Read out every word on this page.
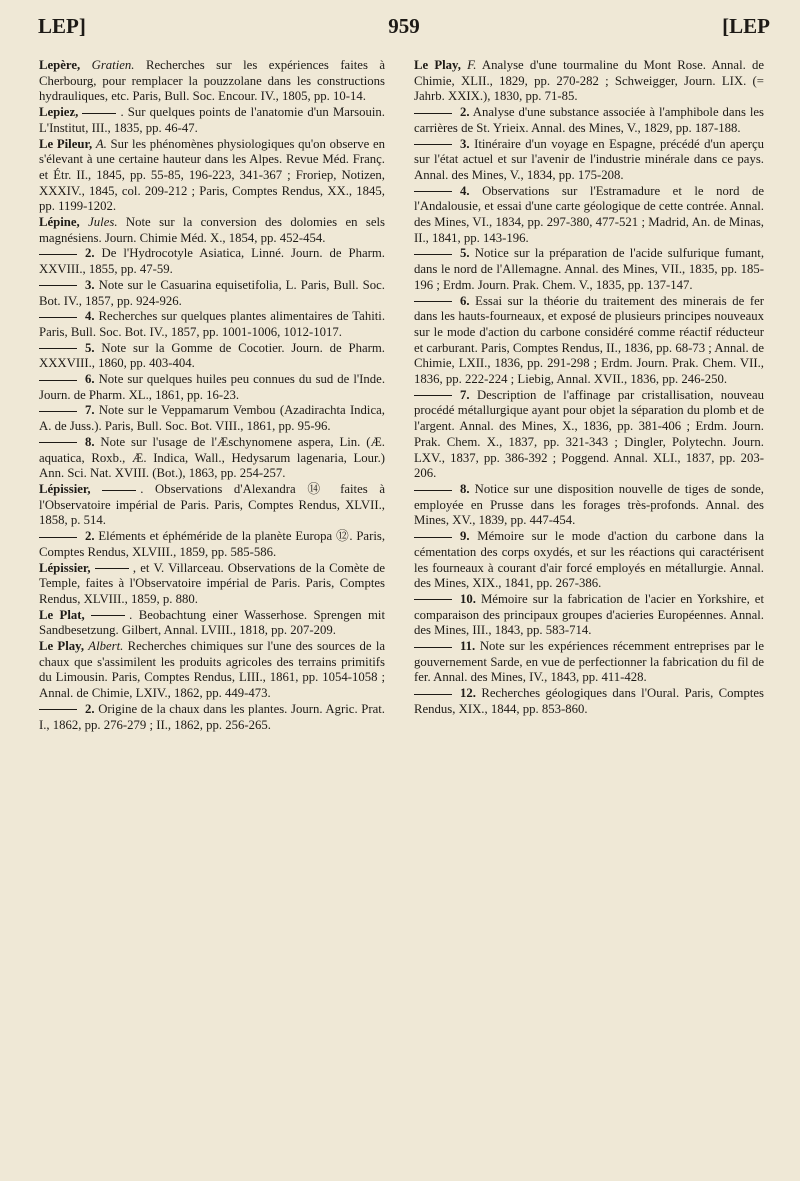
LEP]	959	[LEP
Lepère, Gratien. Recherches sur les expériences faites à Cherbourg, pour remplacer la pouzzolane dans les constructions hydrauliques, etc. Paris, Bull. Soc. Encour. IV., 1805, pp. 10-14.
Lepiez,	. Sur quelques points de l'anatomie d'un Marsouin. L'Institut, III., 1835, pp. 46-47.
Le Pileur, A. Sur les phénomènes physiologiques qu'on observe en s'élevant à une certaine hauteur dans les Alpes. Revue Méd. Franç. et Étr. II., 1845, pp. 55-85, 196-223, 341-367 ; Froriep, Notizen, XXXIV., 1845, col. 209-212 ; Paris, Comptes Rendus, XX., 1845, pp. 1199-1202.
Lépine, Jules. Note sur la conversion des dolomies en sels magnésiens. Journ. Chimie Méd. X., 1854, pp. 452-454.
2. De l'Hydrocotyle Asiatica, Linné. Journ. de Pharm. XXVIII., 1855, pp. 47-59.
3. Note sur le Casuarina equisetifolia, L. Paris, Bull. Soc. Bot. IV., 1857, pp. 924-926.
4. Recherches sur quelques plantes alimentaires de Tahiti. Paris, Bull. Soc. Bot. IV., 1857, pp. 1001-1006, 1012-1017.
5. Note sur la Gomme de Cocotier. Journ. de Pharm. XXXVIII., 1860, pp. 403-404.
6. Note sur quelques huiles peu connues du sud de l'Inde. Journ. de Pharm. XL., 1861, pp. 16-23.
7. Note sur le Veppamarum Vembou (Azadirachta Indica, A. de Juss.). Paris, Bull. Soc. Bot. VIII., 1861, pp. 95-96.
8. Note sur l'usage de l'Æschynomene aspera, Lin. (Æ. aquatica, Roxb., Æ. Indica, Wall., Hedysarum lagenaria, Lour.) Ann. Sci. Nat. XVIII. (Bot.), 1863, pp. 254-257.
Lépissier,	. Observations d'Alexandra ⑭ faites à l'Observatoire impérial de Paris. Paris, Comptes Rendus, XLVII., 1858, p. 514.
2. Eléments et éphéméride de la planète Europa ⑫. Paris, Comptes Rendus, XLVIII., 1859, pp. 585-586.
Lépissier,	, et V. Villarceau. Observations de la Comète de Temple, faites à l'Observatoire impérial de Paris. Paris, Comptes Rendus, XLVIII., 1859, p. 880.
Le Plat,	. Beobachtung einer Wasserhose. Sprengen mit Sandbesetzung. Gilbert, Annal. LVIII., 1818, pp. 207-209.
Le Play, Albert. Recherches chimiques sur l'une des sources de la chaux que s'assimilent les produits agricoles des terrains primitifs du Limousin. Paris, Comptes Rendus, LIII., 1861, pp. 1054-1058 ; Annal. de Chimie, LXIV., 1862, pp. 449-473.
2. Origine de la chaux dans les plantes. Journ. Agric. Prat. I., 1862, pp. 276-279 ; II., 1862, pp. 256-265.
Le Play, F. Analyse d'une tourmaline du Mont Rose. Annal. de Chimie, XLII., 1829, pp. 270-282 ; Schweigger, Journ. LIX. (= Jahrb. XXIX.), 1830, pp. 71-85.
2. Analyse d'une substance associée à l'amphibole dans les carrières de St. Yrieix. Annal. des Mines, V., 1829, pp. 187-188.
3. Itinéraire d'un voyage en Espagne, précédé d'un aperçu sur l'état actuel et sur l'avenir de l'industrie minérale dans ce pays. Annal. des Mines, V., 1834, pp. 175-208.
4. Observations sur l'Estramadure et le nord de l'Andalousie, et essai d'une carte géologique de cette contrée. Annal. des Mines, VI., 1834, pp. 297-380, 477-521 ; Madrid, An. de Minas, II., 1841, pp. 143-196.
5. Notice sur la préparation de l'acide sulfurique fumant, dans le nord de l'Allemagne. Annal. des Mines, VII., 1835, pp. 185-196 ; Erdm. Journ. Prak. Chem. V., 1835, pp. 137-147.
6. Essai sur la théorie du traitement des minerais de fer dans les hauts-fourneaux, et exposé de plusieurs principes nouveaux sur le mode d'action du carbone considéré comme réactif réducteur et carburant. Paris, Comptes Rendus, II., 1836, pp. 68-73 ; Annal. de Chimie, LXII., 1836, pp. 291-298 ; Erdm. Journ. Prak. Chem. VII., 1836, pp. 222-224 ; Liebig, Annal. XVII., 1836, pp. 246-250.
7. Description de l'affinage par cristallisation, nouveau procédé métallurgique ayant pour objet la séparation du plomb et de l'argent. Annal. des Mines, X., 1836, pp. 381-406 ; Erdm. Journ. Prak. Chem. X., 1837, pp. 321-343 ; Dingler, Polytechn. Journ. LXV., 1837, pp. 386-392 ; Poggend. Annal. XLI., 1837, pp. 203-206.
8. Notice sur une disposition nouvelle de tiges de sonde, employée en Prusse dans les forages très-profonds. Annal. des Mines, XV., 1839, pp. 447-454.
9. Mémoire sur le mode d'action du carbone dans la cémentation des corps oxydés, et sur les réactions qui caractérisent les fourneaux à courant d'air forcé employés en métallurgie. Annal. des Mines, XIX., 1841, pp. 267-386.
10. Mémoire sur la fabrication de l'acier en Yorkshire, et comparaison des principaux groupes d'acieries Européennes. Annal. des Mines, III., 1843, pp. 583-714.
11. Note sur les expériences récemment entreprises par le gouvernement Sarde, en vue de perfectionner la fabrication du fil de fer. Annal. des Mines, IV., 1843, pp. 411-428.
12. Recherches géologiques dans l'Oural. Paris, Comptes Rendus, XIX., 1844, pp. 853-860.
